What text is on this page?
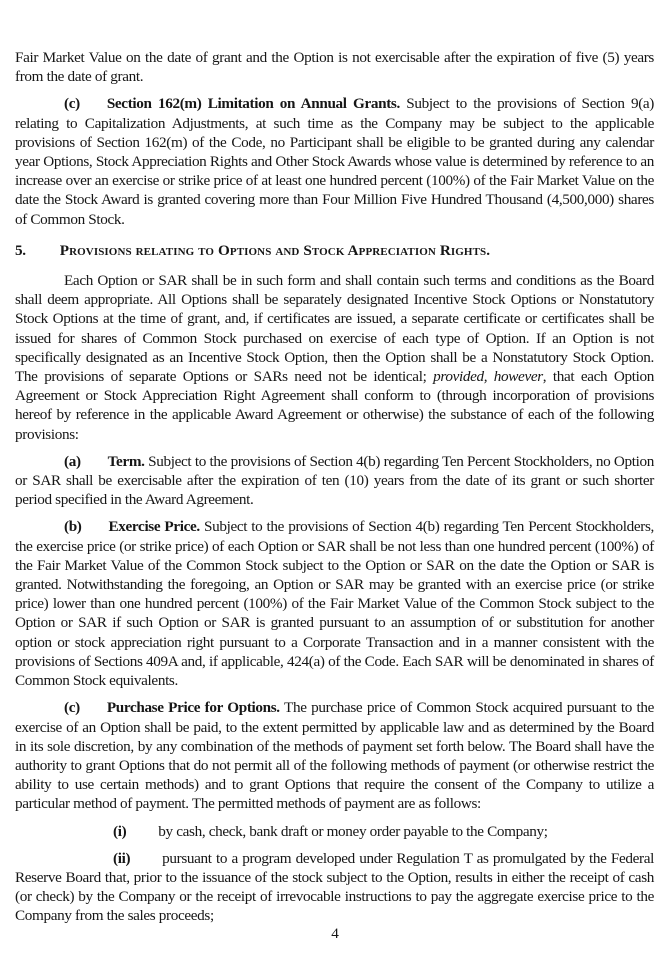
Fair Market Value on the date of grant and the Option is not exercisable after the expiration of five (5) years from the date of grant.

(c) Section 162(m) Limitation on Annual Grants. Subject to the provisions of Section 9(a) relating to Capitalization Adjustments, at such time as the Company may be subject to the applicable provisions of Section 162(m) of the Code, no Participant shall be eligible to be granted during any calendar year Options, Stock Appreciation Rights and Other Stock Awards whose value is determined by reference to an increase over an exercise or strike price of at least one hundred percent (100%) of the Fair Market Value on the date the Stock Award is granted covering more than Four Million Five Hundred Thousand (4,500,000) shares of Common Stock.

5. Provisions relating to Options and Stock Appreciation Rights.

Each Option or SAR shall be in such form and shall contain such terms and conditions as the Board shall deem appropriate. All Options shall be separately designated Incentive Stock Options or Nonstatutory Stock Options at the time of grant, and, if certificates are issued, a separate certificate or certificates shall be issued for shares of Common Stock purchased on exercise of each type of Option. If an Option is not specifically designated as an Incentive Stock Option, then the Option shall be a Nonstatutory Stock Option. The provisions of separate Options or SARs need not be identical; provided, however, that each Option Agreement or Stock Appreciation Right Agreement shall conform to (through incorporation of provisions hereof by reference in the applicable Award Agreement or otherwise) the substance of each of the following provisions:

(a) Term. Subject to the provisions of Section 4(b) regarding Ten Percent Stockholders, no Option or SAR shall be exercisable after the expiration of ten (10) years from the date of its grant or such shorter period specified in the Award Agreement.

(b) Exercise Price. Subject to the provisions of Section 4(b) regarding Ten Percent Stockholders, the exercise price (or strike price) of each Option or SAR shall be not less than one hundred percent (100%) of the Fair Market Value of the Common Stock subject to the Option or SAR on the date the Option or SAR is granted. Notwithstanding the foregoing, an Option or SAR may be granted with an exercise price (or strike price) lower than one hundred percent (100%) of the Fair Market Value of the Common Stock subject to the Option or SAR if such Option or SAR is granted pursuant to an assumption of or substitution for another option or stock appreciation right pursuant to a Corporate Transaction and in a manner consistent with the provisions of Sections 409A and, if applicable, 424(a) of the Code. Each SAR will be denominated in shares of Common Stock equivalents.

(c) Purchase Price for Options. The purchase price of Common Stock acquired pursuant to the exercise of an Option shall be paid, to the extent permitted by applicable law and as determined by the Board in its sole discretion, by any combination of the methods of payment set forth below. The Board shall have the authority to grant Options that do not permit all of the following methods of payment (or otherwise restrict the ability to use certain methods) and to grant Options that require the consent of the Company to utilize a particular method of payment. The permitted methods of payment are as follows:

(i) by cash, check, bank draft or money order payable to the Company;

(ii) pursuant to a program developed under Regulation T as promulgated by the Federal Reserve Board that, prior to the issuance of the stock subject to the Option, results in either the receipt of cash (or check) by the Company or the receipt of irrevocable instructions to pay the aggregate exercise price to the Company from the sales proceeds;

4
